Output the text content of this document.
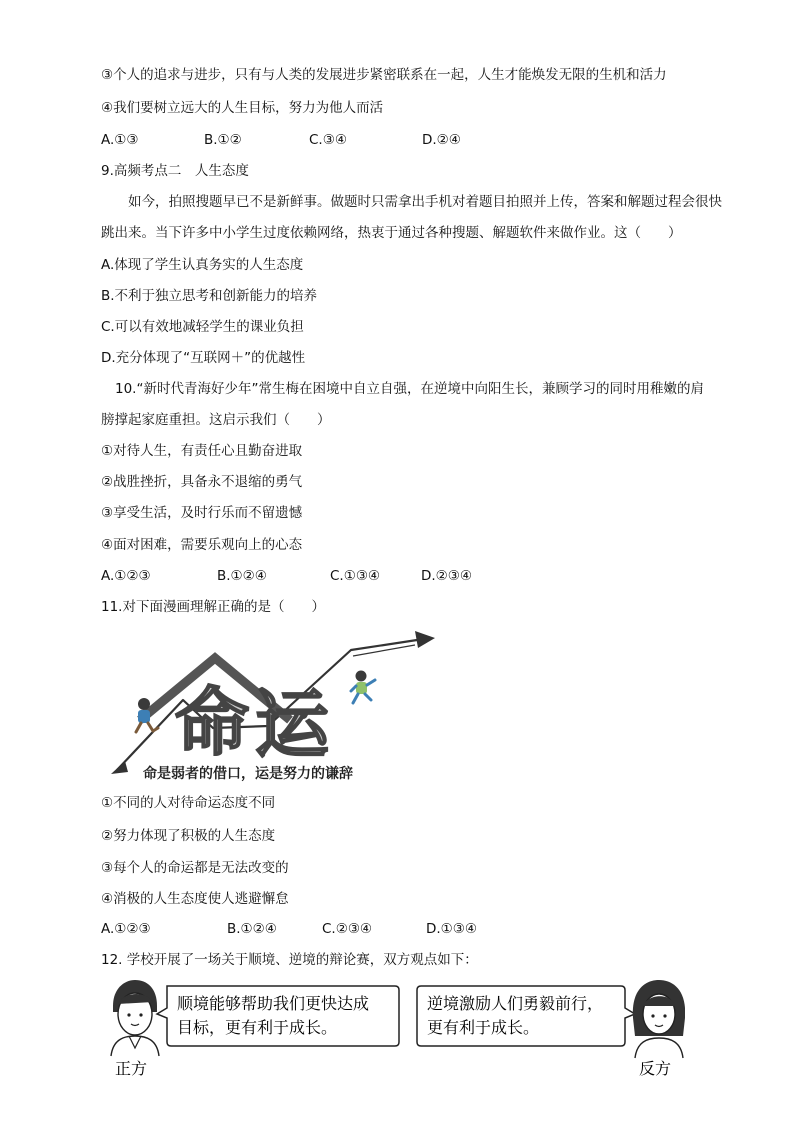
③个人的追求与进步，只有与人类的发展进步紧密联系在一起，人生才能焕发无限的生机和活力
④我们要树立远大的人生目标，努力为他人而活
A.①③	B.①②	C.③④	D.②④
9.高频考点二　人生态度
如今，拍照搜题早已不是新鲜事。做题时只需拿出手机对着题目拍照并上传，答案和解题过程会很快
跳出来。当下许多中小学生过度依赖网络，热衷于通过各种搜题、解题软件来做作业。这（　　）
A.体现了学生认真务实的人生态度
B.不利于独立思考和创新能力的培养
C.可以有效地减轻学生的课业负担
D.充分体现了“互联网＋”的优越性
10.“新时代青海好少年”常生梅在困境中自立自强，在逆境中向阳生长，兼顾学习的同时用稚嫩的肩
膀撑起家庭重担。这启示我们（　　）
①对待人生，有责任心且勤奋进取
②战胜挫折，具备永不退缩的勇气
③享受生活，及时行乐而不留遗憾
④面对困难，需要乐观向上的心态
A.①②③	B.①②④	C.①③④	D.②③④
11.对下面漫画理解正确的是（　　）
命 运
命是弱者的借口，运是努力的谦辞
①不同的人对待命运态度不同
②努力体现了积极的人生态度
③每个人的命运都是无法改变的
④消极的人生态度使人逃避懈怠
A.①②③	B.①②④	C.②③④	D.①③④
12. 学校开展了一场关于顺境、逆境的辩论赛，双方观点如下：
正方
顺境能够帮助我们更快达成
目标，更有利于成长。
逆境激励人们勇毅前行，
更有利于成长。
反方
